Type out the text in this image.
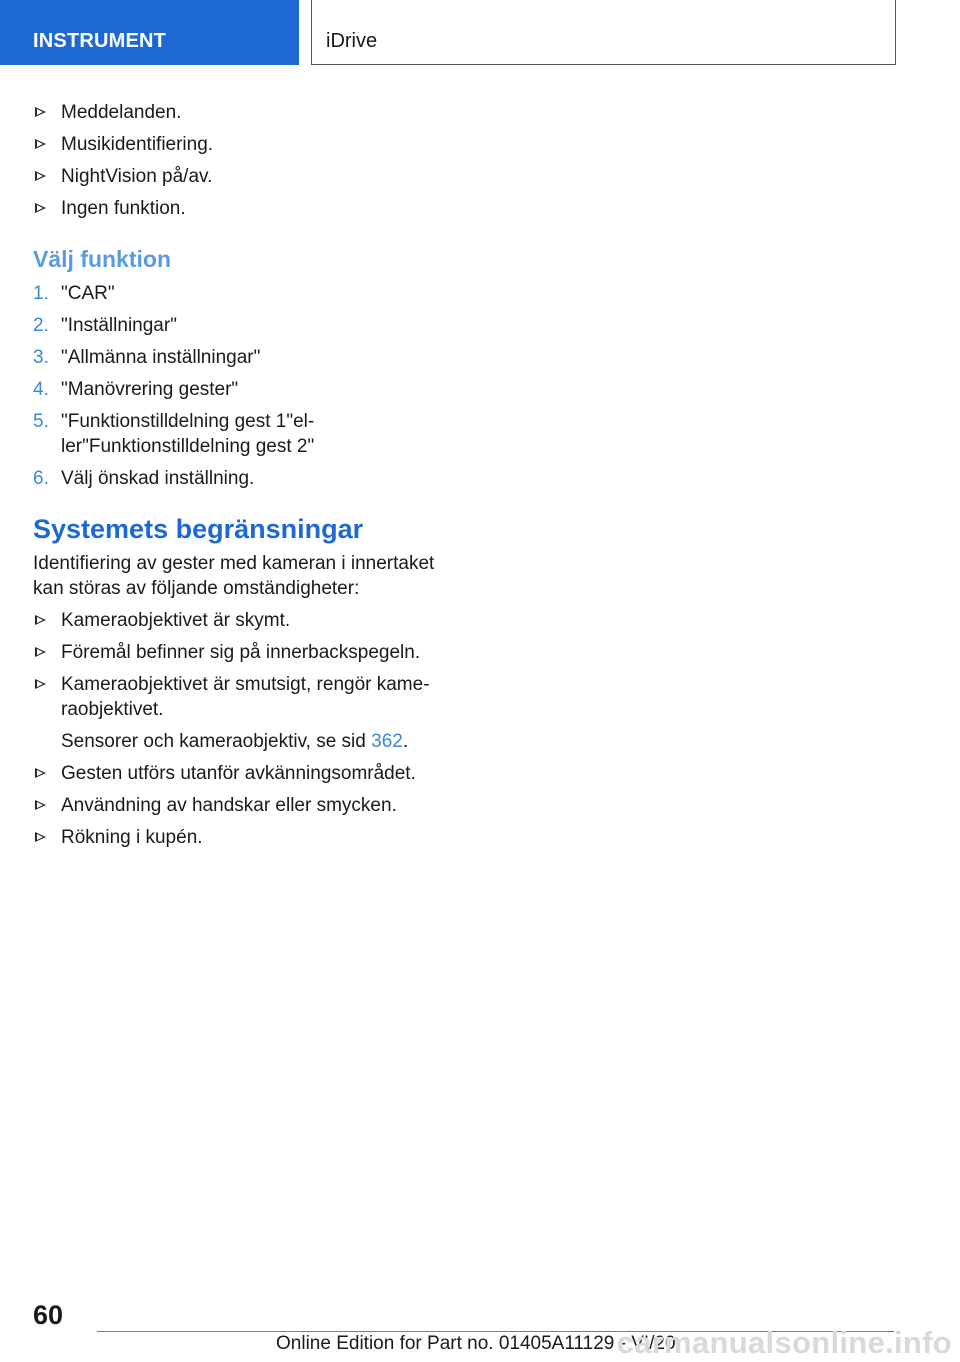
INSTRUMENT	iDrive
Meddelanden.
Musikidentifiering.
NightVision på/av.
Ingen funktion.
Välj funktion
1. "CAR"
2. "Inställningar"
3. "Allmänna inställningar"
4. "Manövrering gester"
5. "Funktionstilldelning gest 1"el‐ ler"Funktionstilldelning gest 2"
6. Välj önskad inställning.
Systemets begränsningar

Identifiering av gester med kameran i innertaket kan störas av följande omständigheter:

Kameraobjektivet är skymt.
Föremål befinner sig på innerbackspegeln.
Kameraobjektivet är smutsigt, rengör kame‐ raobjektivet.
Sensorer och kameraobjektiv, se sid 362.
Gesten utförs utanför avkänningsområdet.
Användning av handskar eller smycken.
Rökning i kupén.
60
Online Edition for Part no. 01405A11129 - VI/20
carmanualsonline.info
